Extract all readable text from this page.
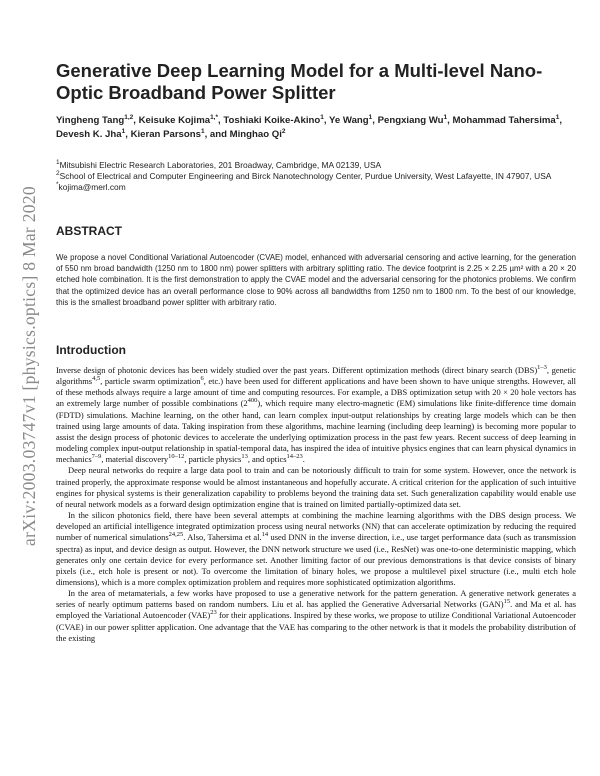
arXiv:2003.03747v1 [physics.optics] 8 Mar 2020
Generative Deep Learning Model for a Multi-level Nano-Optic Broadband Power Splitter
Yingheng Tang$^{1,2}$, Keisuke Kojima$^{1,*}$, Toshiaki Koike-Akino$^1$, Ye Wang$^1$, Pengxiang Wu$^1$, Mohammad Tahersima$^1$, Devesh K. Jha$^1$, Kieran Parsons$^1$, and Minghao Qi$^2$

$^1$Mitsubishi Electric Research Laboratories, 201 Broadway, Cambridge, MA 02139, USA

$^2$School of Electrical and Computer Engineering and Birck Nanotechnology Center, Purdue University, West Lafayette, IN 47907, USA

*kojima@merl.com

ABSTRACT

We propose a novel Conditional Variational Autoencoder (CVAE) model, enhanced with adversarial censoring and active learning, for the generation of 550 nm broad bandwidth (1250 nm to 1800 nm) power splitters with arbitrary splitting ratio. The device footprint is 2.25 × 2.25 µm² with a 20 × 20 etched hole combination. It is the first demonstration to apply the CVAE model and the adversarial censoring for the photonics problems. We confirm that the optimized device has an overall performance close to 90% across all bandwidths from 1250 nm to 1800 nm. To the best of our knowledge, this is the smallest broadband power splitter with arbitrary ratio.

Introduction

Inverse design of photonic devices has been widely studied over the past years. Different optimization methods (direct binary search (DBS)$^{1-3}$, genetic algorithms$^{4,5}$, particle swarm optimization$^6$, etc.) have been used for different applications and have been shown to have unique strengths. However, all of these methods always require a large amount of time and computing resources. For example, a DBS optimization setup with 20 × 20 hole vectors has an extremely large number of possible combinations $(2^{400})$, which require many electro-magnetic (EM) simulations like finite-difference time domain (FDTD) simulations. Machine learning, on the other hand, can learn complex input-output relationships by creating large models which can be then trained using large amounts of data. Taking inspiration from these algorithms, machine learning (including deep learning) is becoming more popular to assist the design process of photonic devices to accelerate the underlying optimization process in the past few years. Recent success of deep learning in modeling complex input-output relationship in spatial-temporal data, has inspired the idea of intuitive physics engines that can learn physical dynamics in mechanics$^{7-9}$, material discovery$^{10-12}$, particle physics$^{13}$, and optics$^{14-23}$.

Deep neural networks do require a large data pool to train and can be notoriously difficult to train for some system. However, once the network is trained properly, the approximate response would be almost instantaneous and hopefully accurate. A critical criterion for the application of such intuitive engines for physical systems is their generalization capability to problems beyond the training data set. Such generalization capability would enable use of neural network models as a forward design optimization engine that is trained on limited partially-optimized data set.

In the silicon photonics field, there have been several attempts at combining the machine learning algorithms with the DBS design process. We developed an artificial intelligence integrated optimization process using neural networks (NN) that can accelerate optimization by reducing the required number of numerical simulations$^{24,25}$. Also, Tahersima et al.$^{14}$ used DNN in the inverse direction, i.e., use target performance data (such as transmission spectra) as input, and device design as output. However, the DNN network structure we used (i.e., ResNet) was one-to-one deterministic mapping, which generates only one certain device for every performance set. Another limiting factor of our previous demonstrations is that device consists of binary pixels (i.e., etch hole is present or not). To overcome the limitation of binary holes, we propose a multilevel pixel structure (i.e., multi etch hole dimensions), which is a more complex optimization problem and requires more sophisticated optimization algorithms.

In the area of metamaterials, a few works have proposed to use a generative network for the pattern generation. A generative network generates a series of nearly optimum patterns based on random numbers. Liu et al. has applied the Generative Adversarial Networks (GAN)$^{15}$. and Ma et al. has employed the Variational Autoencoder (VAE)$^{23}$ for their applications. Inspired by these works, we propose to utilize Conditional Variational Autoencoder (CVAE) in our power splitter application. One advantage that the VAE has comparing to the other network is that it models the probability distribution of the existing
